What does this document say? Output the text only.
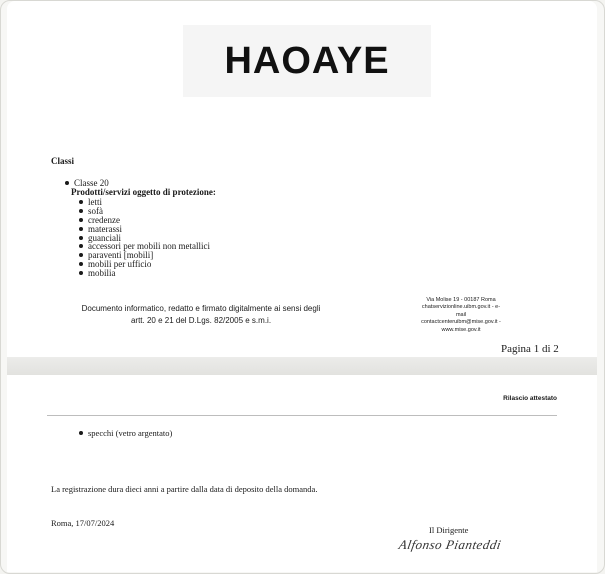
HAOAYE
Classi
Classe 20
Prodotti/servizi oggetto di protezione:
letti
sofà
credenze
materassi
guanciali
accessori per mobili non metallici
paraventi [mobili]
mobili per ufficio
mobilia
Documento informatico, redatto e firmato digitalmente ai sensi degli
artt. 20 e 21 del D.Lgs. 82/2005 e s.m.i.
Via Molise 19 - 00187 Roma
chatservizionline.uibm.gov.it - e-
mail
contactcenteruibm@mise.gov.it -
www.mise.gov.it
Pagina 1 di 2
Rilascio attestato
specchi (vetro argentato)
La registrazione dura dieci anni a partire dalla data di deposito della domanda.
Roma, 17/07/2024
Il Dirigente
Alfonso Pianteddi
